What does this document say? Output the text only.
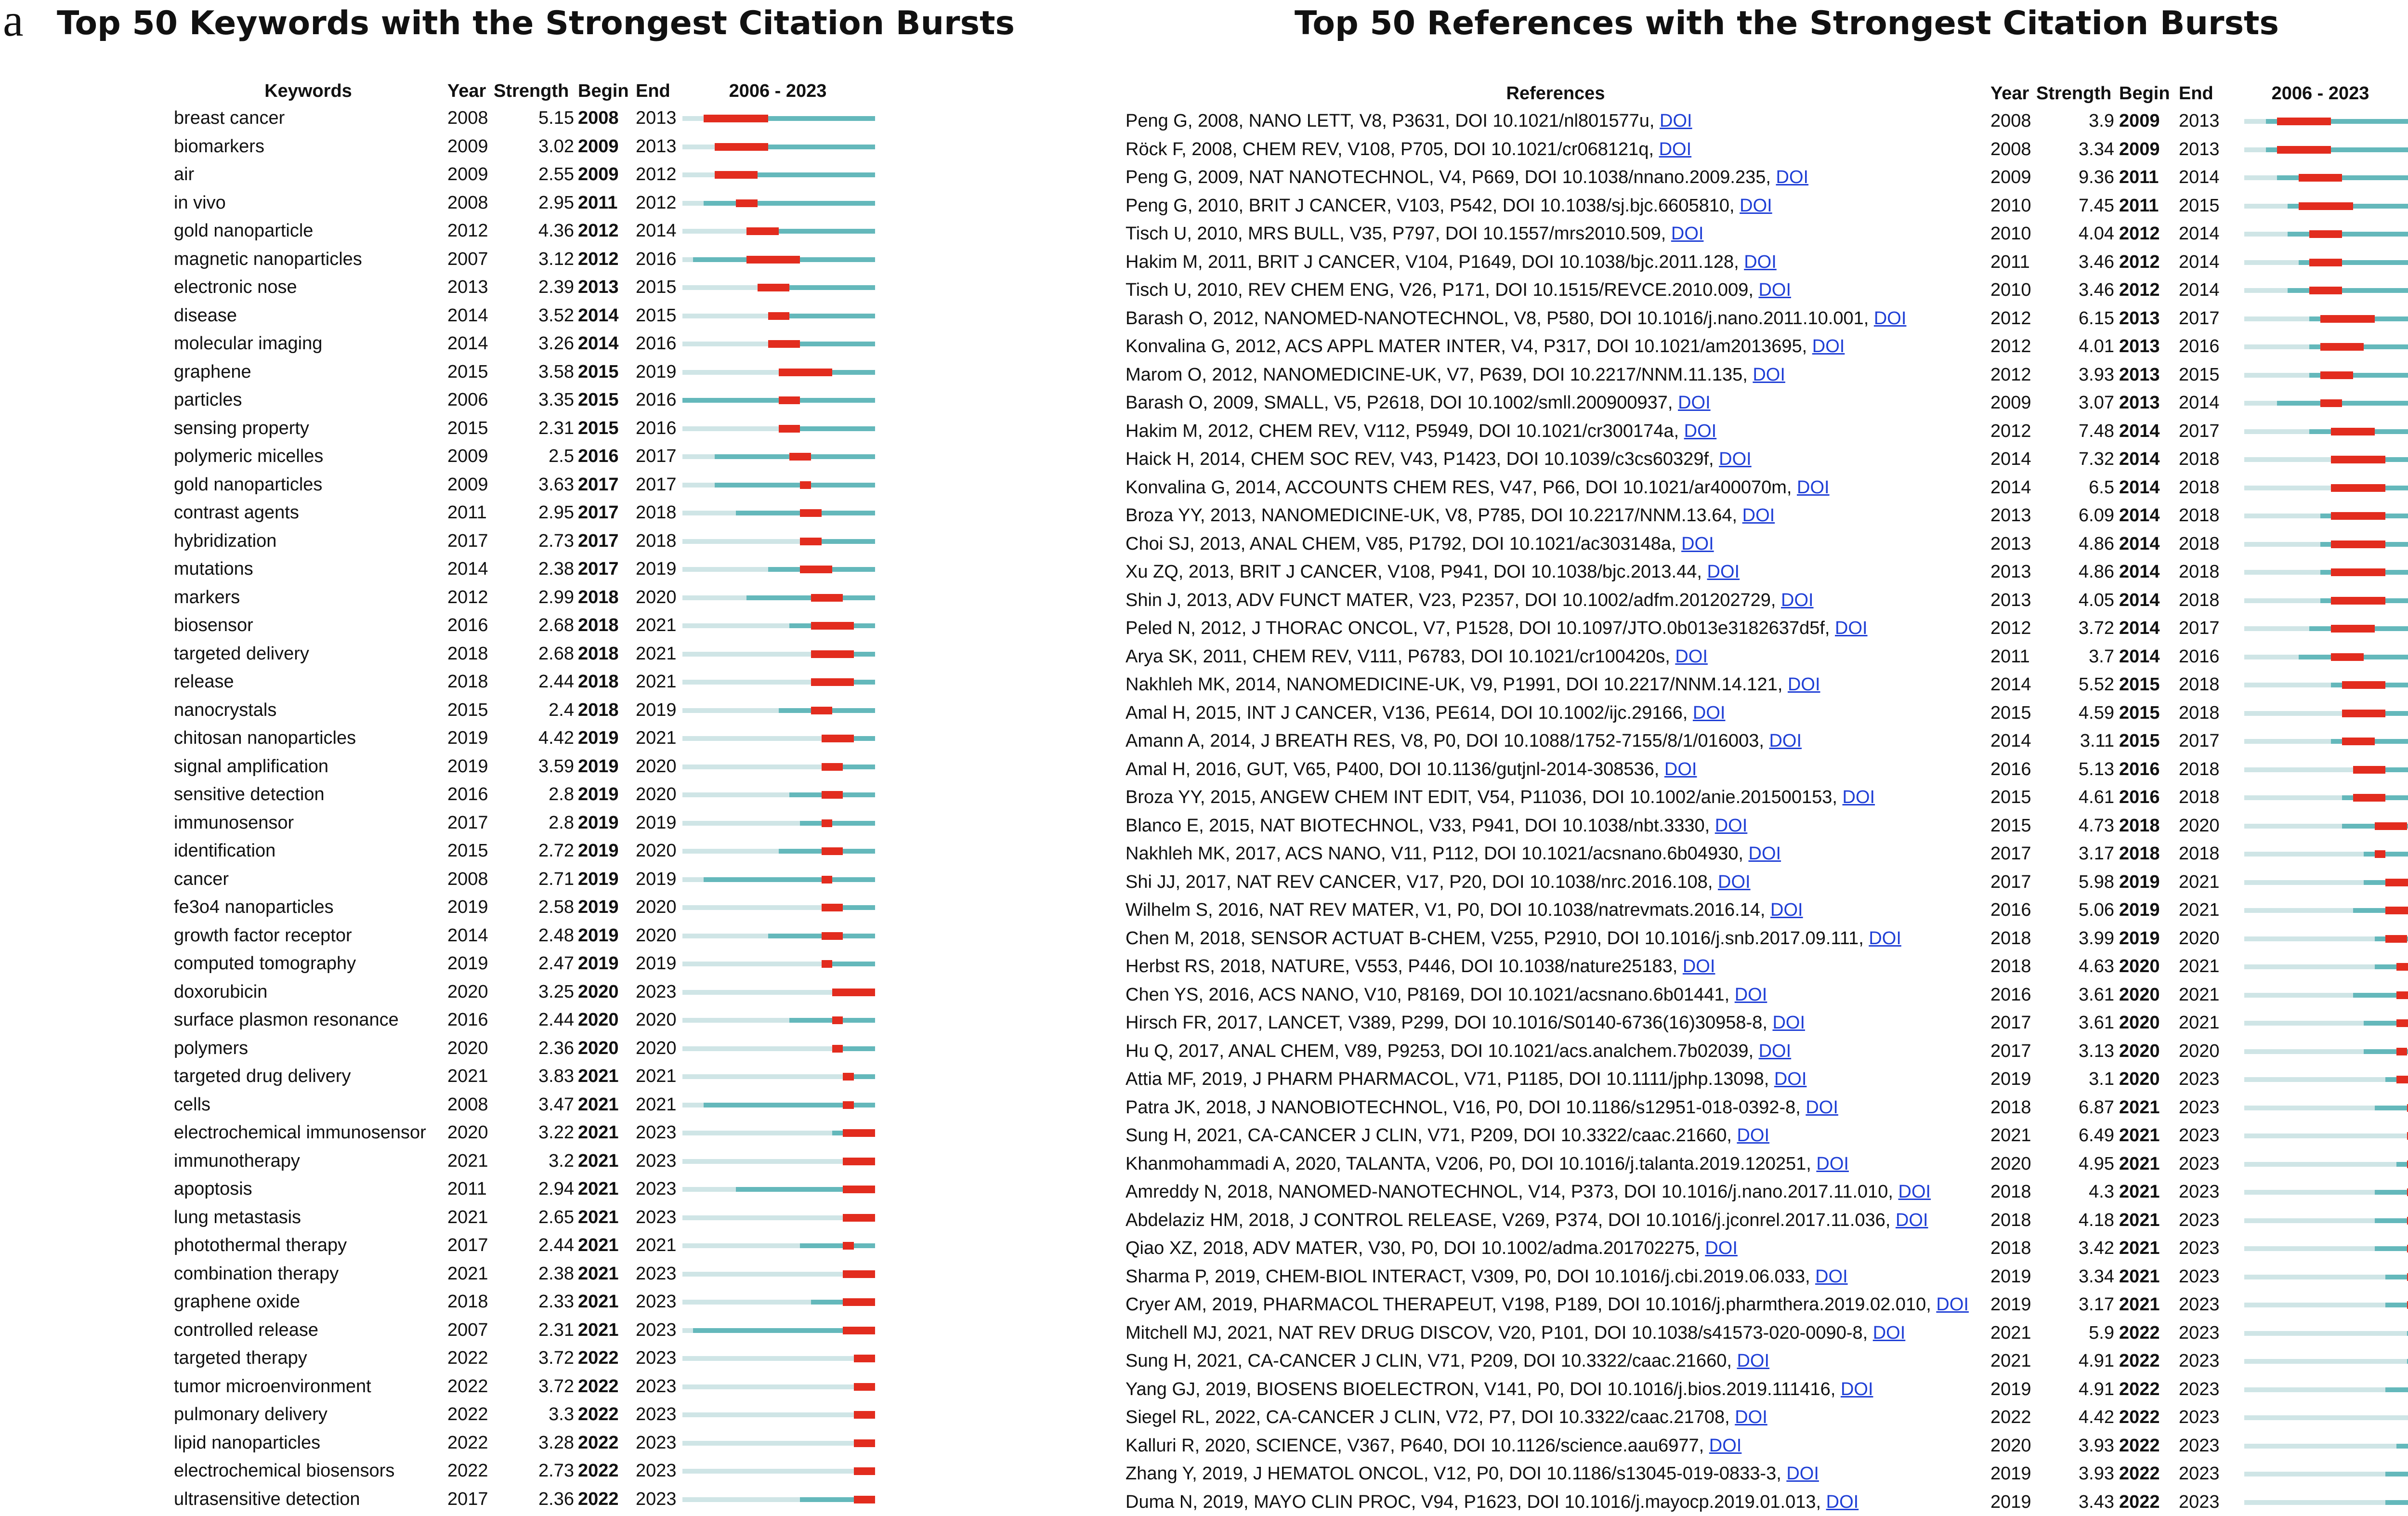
a Top 50 Keywords with the Strongest Citation Bursts
Keywords	Year Strength Begin End	2006 - 2023
breast cancer	2008	5.15 2008 2013
biomarkers	2009	3.02 2009 2013
air	2009	2.55 2009 2012
in vivo	2008	2.95 2011 2012
gold nanoparticle	2012	4.36 2012 2014
magnetic nanoparticles	2007	3.12 2012 2016
electronic nose	2013	2.39 2013 2015
disease	2014	3.52 2014 2015
molecular imaging	2014	3.26 2014 2016
graphene	2015	3.58 2015 2019
particles	2006	3.35 2015 2016
sensing property	2015	2.31 2015 2016
polymeric micelles	2009	2.5 2016 2017
gold nanoparticles	2009	3.63 2017 2017
contrast agents	2011	2.95 2017 2018
hybridization	2017	2.73 2017 2018
mutations	2014	2.38 2017 2019
markers	2012	2.99 2018 2020
biosensor	2016	2.68 2018 2021
targeted delivery	2018	2.68 2018 2021
release	2018	2.44 2018 2021
nanocrystals	2015	2.4 2018 2019
chitosan nanoparticles	2019	4.42 2019 2021
signal amplification	2019	3.59 2019 2020
sensitive detection	2016	2.8 2019 2020
immunosensor	2017	2.8 2019 2019
identification	2015	2.72 2019 2020
cancer	2008	2.71 2019 2019
fe3o4 nanoparticles	2019	2.58 2019 2020
growth factor receptor	2014	2.48 2019 2020
computed tomography	2019	2.47 2019 2019
doxorubicin	2020	3.25 2020 2023
surface plasmon resonance	2016	2.44 2020 2020
polymers	2020	2.36 2020 2020
targeted drug delivery	2021	3.83 2021 2021
cells	2008	3.47 2021 2021
electrochemical immunosensor 2020	3.22 2021 2023
immunotherapy	2021	3.2 2021 2023
apoptosis	2011	2.94 2021 2023
lung metastasis	2021	2.65 2021 2023
photothermal therapy	2017	2.44 2021 2021
combination therapy	2021	2.38 2021 2023
graphene oxide	2018	2.33 2021 2023
controlled release	2007	2.31 2021 2023
targeted therapy	2022	3.72 2022 2023
tumor microenvironment	2022	3.72 2022 2023
pulmonary delivery	2022	3.3 2022 2023
lipid nanoparticles	2022	3.28 2022 2023
electrochemical biosensors	2022	2.73 2022 2023
ultrasensitive detection	2017	2.36 2022 2023
Top 50 References with the Strongest Citation Bursts
References	Year Strength Begin End	2006 - 2023
Peng G, 2008, NANO LETT, V8, P3631, DOI 10.1021/nl801577u, DOI	2008	3.9 2009 2013
Röck F, 2008, CHEM REV, V108, P705, DOI 10.1021/cr068121q, DOI	2008	3.34 2009 2013
Peng G, 2009, NAT NANOTECHNOL, V4, P669, DOI 10.1038/nnano.2009.235, DOI	2009	9.36 2011 2014
Peng G, 2010, BRIT J CANCER, V103, P542, DOI 10.1038/sj.bjc.6605810, DOI	2010	7.45 2011 2015
Tisch U, 2010, MRS BULL, V35, P797, DOI 10.1557/mrs2010.509, DOI	2010	4.04 2012 2014
Hakim M, 2011, BRIT J CANCER, V104, P1649, DOI 10.1038/bjc.2011.128, DOI	2011	3.46 2012 2014
Tisch U, 2010, REV CHEM ENG, V26, P171, DOI 10.1515/REVCE.2010.009, DOI	2010	3.46 2012 2014
Barash O, 2012, NANOMED-NANOTECHNOL, V8, P580, DOI 10.1016/j.nano.2011.10.001, DOI	2012	6.15 2013 2017
Konvalina G, 2012, ACS APPL MATER INTER, V4, P317, DOI 10.1021/am2013695, DOI	2012	4.01 2013 2016
Marom O, 2012, NANOMEDICINE-UK, V7, P639, DOI 10.2217/NNM.11.135, DOI	2012	3.93 2013 2015
Barash O, 2009, SMALL, V5, P2618, DOI 10.1002/smll.200900937, DOI	2009	3.07 2013 2014
Hakim M, 2012, CHEM REV, V112, P5949, DOI 10.1021/cr300174a, DOI	2012	7.48 2014 2017
Haick H, 2014, CHEM SOC REV, V43, P1423, DOI 10.1039/c3cs60329f, DOI	2014	7.32 2014 2018
Konvalina G, 2014, ACCOUNTS CHEM RES, V47, P66, DOI 10.1021/ar400070m, DOI	2014	6.5 2014 2018
Broza YY, 2013, NANOMEDICINE-UK, V8, P785, DOI 10.2217/NNM.13.64, DOI	2013	6.09 2014 2018
Choi SJ, 2013, ANAL CHEM, V85, P1792, DOI 10.1021/ac303148a, DOI	2013	4.86 2014 2018
Xu ZQ, 2013, BRIT J CANCER, V108, P941, DOI 10.1038/bjc.2013.44, DOI	2013	4.86 2014 2018
Shin J, 2013, ADV FUNCT MATER, V23, P2357, DOI 10.1002/adfm.201202729, DOI	2013	4.05 2014 2018
Peled N, 2012, J THORAC ONCOL, V7, P1528, DOI 10.1097/JTO.0b013e3182637d5f, DOI	2012	3.72 2014 2017
Arya SK, 2011, CHEM REV, V111, P6783, DOI 10.1021/cr100420s, DOI	2011	3.7 2014 2016
Nakhleh MK, 2014, NANOMEDICINE-UK, V9, P1991, DOI 10.2217/NNM.14.121, DOI	2014	5.52 2015 2018
Amal H, 2015, INT J CANCER, V136, PE614, DOI 10.1002/ijc.29166, DOI	2015	4.59 2015 2018
Amann A, 2014, J BREATH RES, V8, P0, DOI 10.1088/1752-7155/8/1/016003, DOI	2014	3.11 2015 2017
Amal H, 2016, GUT, V65, P400, DOI 10.1136/gutjnl-2014-308536, DOI	2016	5.13 2016 2018
Broza YY, 2015, ANGEW CHEM INT EDIT, V54, P11036, DOI 10.1002/anie.201500153, DOI	2015	4.61 2016 2018
Blanco E, 2015, NAT BIOTECHNOL, V33, P941, DOI 10.1038/nbt.3330, DOI	2015	4.73 2018 2020
Nakhleh MK, 2017, ACS NANO, V11, P112, DOI 10.1021/acsnano.6b04930, DOI	2017	3.17 2018 2018
Shi JJ, 2017, NAT REV CANCER, V17, P20, DOI 10.1038/nrc.2016.108, DOI	2017	5.98 2019 2021
Wilhelm S, 2016, NAT REV MATER, V1, P0, DOI 10.1038/natrevmats.2016.14, DOI	2016	5.06 2019 2021
Chen M, 2018, SENSOR ACTUAT B-CHEM, V255, P2910, DOI 10.1016/j.snb.2017.09.111, DOI	2018	3.99 2019 2020
Herbst RS, 2018, NATURE, V553, P446, DOI 10.1038/nature25183, DOI	2018	4.63 2020 2021
Chen YS, 2016, ACS NANO, V10, P8169, DOI 10.1021/acsnano.6b01441, DOI	2016	3.61 2020 2021
Hirsch FR, 2017, LANCET, V389, P299, DOI 10.1016/S0140-6736(16)30958-8, DOI	2017	3.61 2020 2021
Hu Q, 2017, ANAL CHEM, V89, P9253, DOI 10.1021/acs.analchem.7b02039, DOI	2017	3.13 2020 2020
Attia MF, 2019, J PHARM PHARMACOL, V71, P1185, DOI 10.1111/jphp.13098, DOI	2019	3.1 2020 2023
Patra JK, 2018, J NANOBIOTECHNOL, V16, P0, DOI 10.1186/s12951-018-0392-8, DOI	2018	6.87 2021 2023
Sung H, 2021, CA-CANCER J CLIN, V71, P209, DOI 10.3322/caac.21660, DOI	2021	6.49 2021 2023
Khanmohammadi A, 2020, TALANTA, V206, P0, DOI 10.1016/j.talanta.2019.120251, DOI	2020	4.95 2021 2023
Amreddy N, 2018, NANOMED-NANOTECHNOL, V14, P373, DOI 10.1016/j.nano.2017.11.010, DOI	2018	4.3 2021 2023
Abdelaziz HM, 2018, J CONTROL RELEASE, V269, P374, DOI 10.1016/j.jconrel.2017.11.036, DOI	2018	4.18 2021 2023
Qiao XZ, 2018, ADV MATER, V30, P0, DOI 10.1002/adma.201702275, DOI	2018	3.42 2021 2023
Sharma P, 2019, CHEM-BIOL INTERACT, V309, P0, DOI 10.1016/j.cbi.2019.06.033, DOI	2019	3.34 2021 2023
Cryer AM, 2019, PHARMACOL THERAPEUT, V198, P189, DOI 10.1016/j.pharmthera.2019.02.010, DOI 2019	3.17 2021 2023
Mitchell MJ, 2021, NAT REV DRUG DISCOV, V20, P101, DOI 10.1038/s41573-020-0090-8, DOI	2021	5.9 2022 2023
Sung H, 2021, CA-CANCER J CLIN, V71, P209, DOI 10.3322/caac.21660, DOI	2021	4.91 2022 2023
Yang GJ, 2019, BIOSENS BIOELECTRON, V141, P0, DOI 10.1016/j.bios.2019.111416, DOI	2019	4.91 2022 2023
Siegel RL, 2022, CA-CANCER J CLIN, V72, P7, DOI 10.3322/caac.21708, DOI	2022	4.42 2022 2023
Kalluri R, 2020, SCIENCE, V367, P640, DOI 10.1126/science.aau6977, DOI	2020	3.93 2022 2023
Zhang Y, 2019, J HEMATOL ONCOL, V12, P0, DOI 10.1186/s13045-019-0833-3, DOI	2019	3.93 2022 2023
Duma N, 2019, MAYO CLIN PROC, V94, P1623, DOI 10.1016/j.mayocp.2019.01.013, DOI	2019	3.43 2022 2023
